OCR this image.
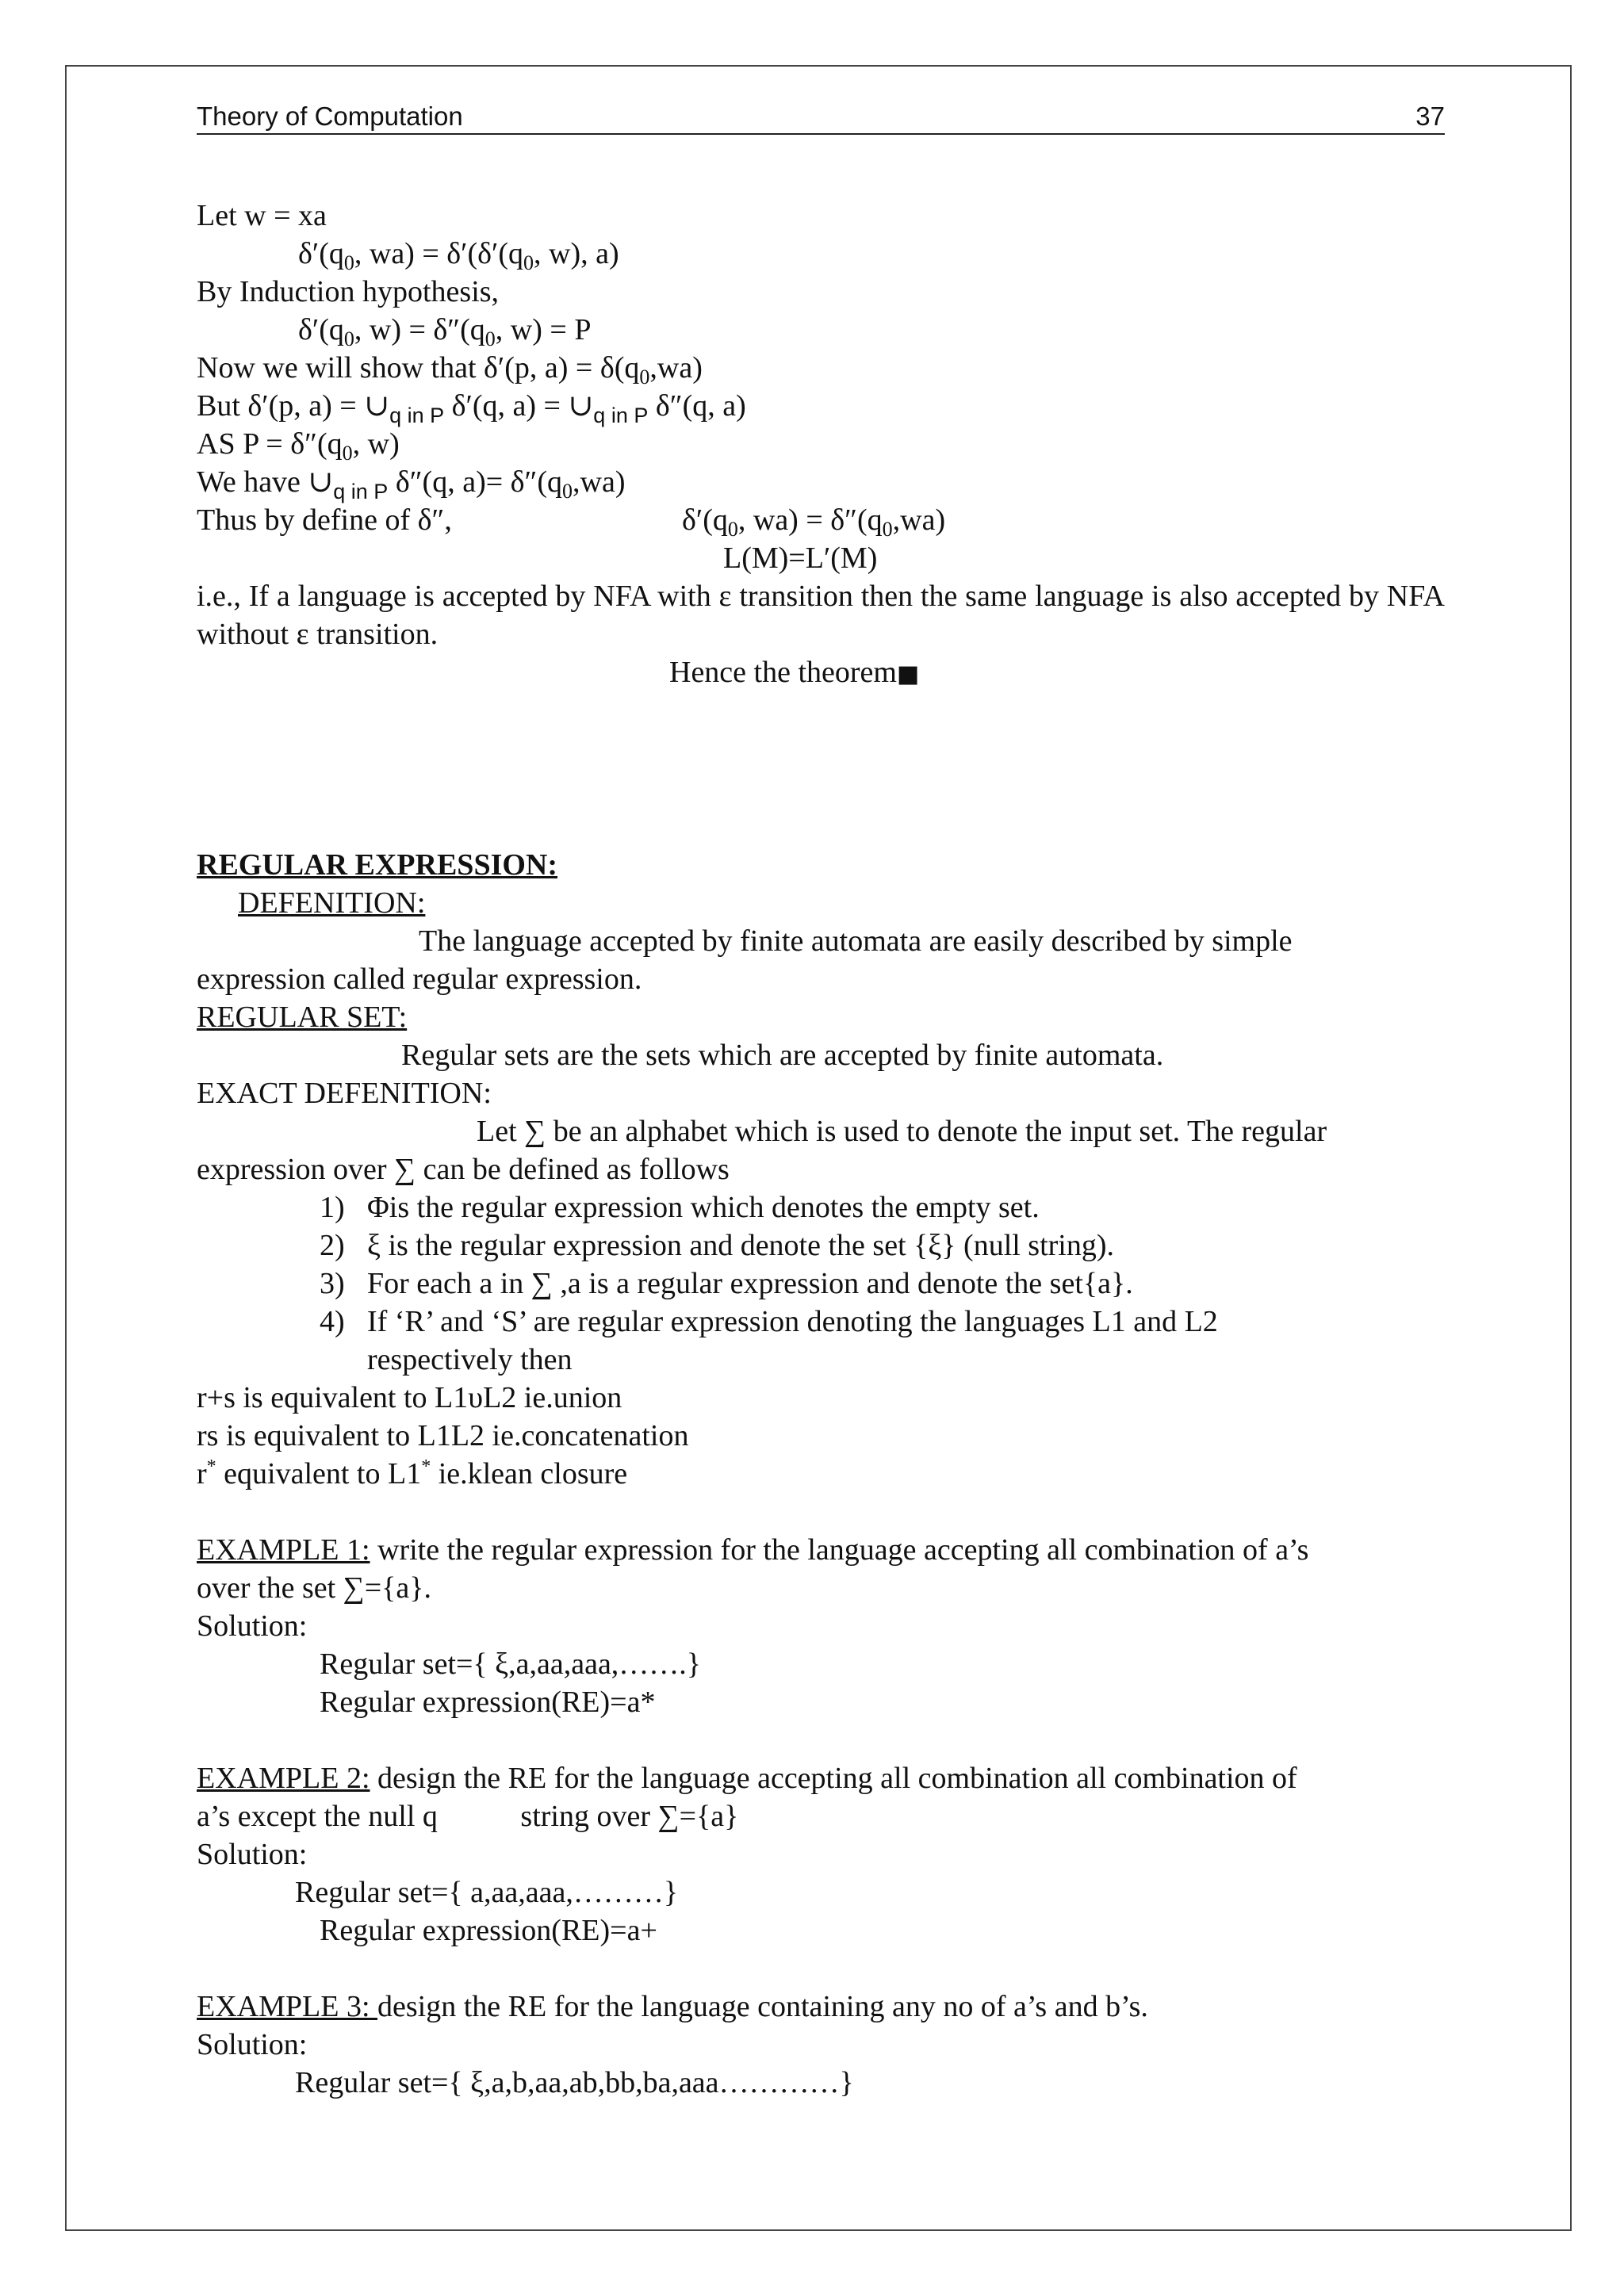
Theory of Computation	37
Let w = xa
$\delta'(q_0$, $wa) = \delta'(\delta'(q_0$, w), a)
By Induction hypothesis,
$\delta'(q_0$, $w) = \delta''(q_0$, w) = P
Now we will show that δ′(p, $a) = \delta(q_0,wa)$
But δ′(p, $a) = \cup_{q in P}$ δ′(q, $a) = \cup_{q in P}$ δ″(q, a)
AS $P = \delta''(q_0$, w)
We have $\cup_{q in P}$ δ″(q, $a)= \delta''(q_0,wa)$
Thus by define of δ″,	$\delta'(q_0$, $wa) = \delta''(q_0,wa)$
L(M)=L′(M)
i.e., If a language is accepted by NFA with ε transition then the same language is also accepted by NFA without ε transition.
Hence the theorem■
REGULAR EXPRESSION:
DEFENITION:
The language accepted by finite automata are easily described by simple
expression called regular expression.
REGULAR SET:
Regular sets are the sets which are accepted by finite automata.
EXACT DEFENITION:
Let ∑ be an alphabet which is used to denote the input set. The regular
expression over ∑ can be defined as follows
1) Φis the regular expression which denotes the empty set.
2) ξ is the regular expression and denote the set {ξ} (null string).
3) For each a in ∑ ,a is a regular expression and denote the set{a}.
4) If ‘R’ and ‘S’ are regular expression denoting the languages L1 and L2
respectively then
r+s is equivalent to L1υL2 ie.union
rs is equivalent to L1L2 ie.concatenation
r* equivalent to L1* ie.klean closure
EXAMPLE 1: write the regular expression for the language accepting all combination of a’s
over the set ∑={a}.
Solution:
Regular set={ ξ,a,aa,aaa,…….}
Regular expression(RE)=a*
EXAMPLE 2: design the RE for the language accepting all combination all combination of
a’s except the null q           string over ∑={a}
Solution:
Regular set={ a,aa,aaa,………}
Regular expression(RE)=a+
EXAMPLE 3: design the RE for the language containing any no of a’s and b’s.
Solution:
Regular set={ ξ,a,b,aa,ab,bb,ba,aaa…………}
